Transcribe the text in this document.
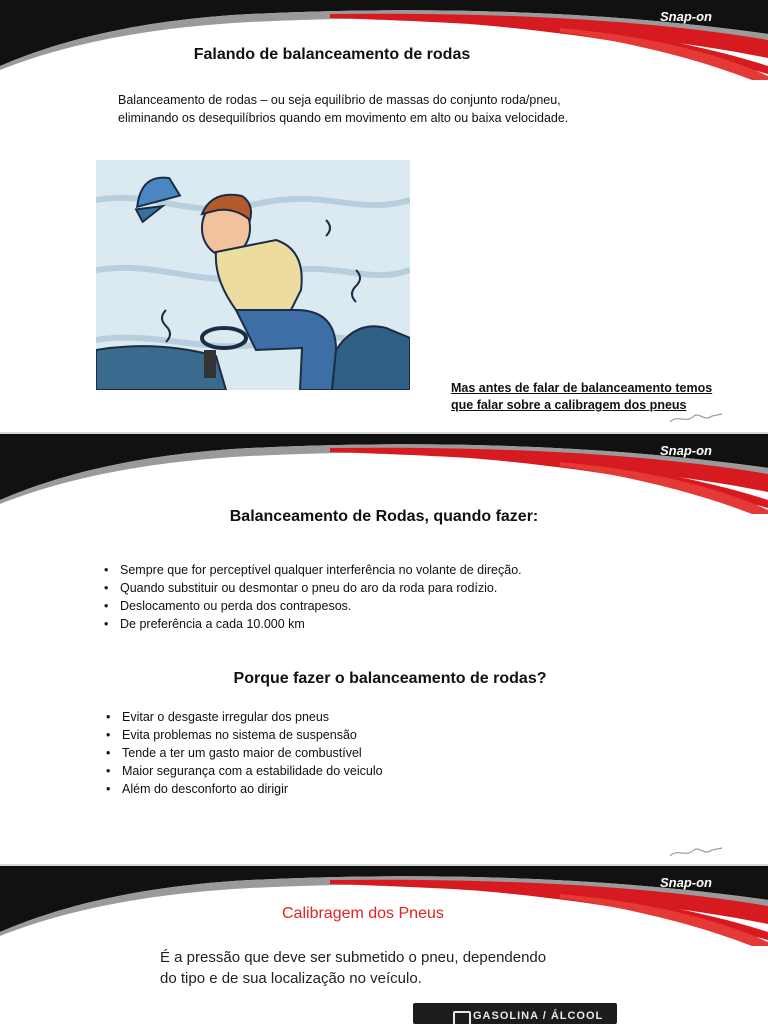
Snap-on
Falando de balanceamento de rodas
Balanceamento de rodas – ou seja equilíbrio de massas do conjunto roda/pneu,
eliminando os desequilíbrios quando em movimento em alto ou baixa velocidade.
Mas antes de falar de balanceamento temos
que falar sobre a calibragem dos pneus
Snap-on
Balanceamento de Rodas, quando fazer:
• Sempre que for perceptível qualquer interferência no volante de direção.
• Quando substituir ou desmontar o pneu do aro da roda para rodízio.
• Deslocamento ou perda dos contrapesos.
• De preferência a cada 10.000 km
Porque fazer o balanceamento de rodas?
• Evitar o desgaste irregular dos pneus
• Evita problemas no sistema de suspensão
• Tende a ter um gasto maior de combustível
• Maior segurança com a estabilidade do veiculo
• Além do desconforto ao dirigir
Snap-on
Calibragem dos Pneus
É a pressão que deve ser submetido o pneu, dependendo
do tipo e de sua localização no veículo.
GASOLINA / ÁLCOOL
